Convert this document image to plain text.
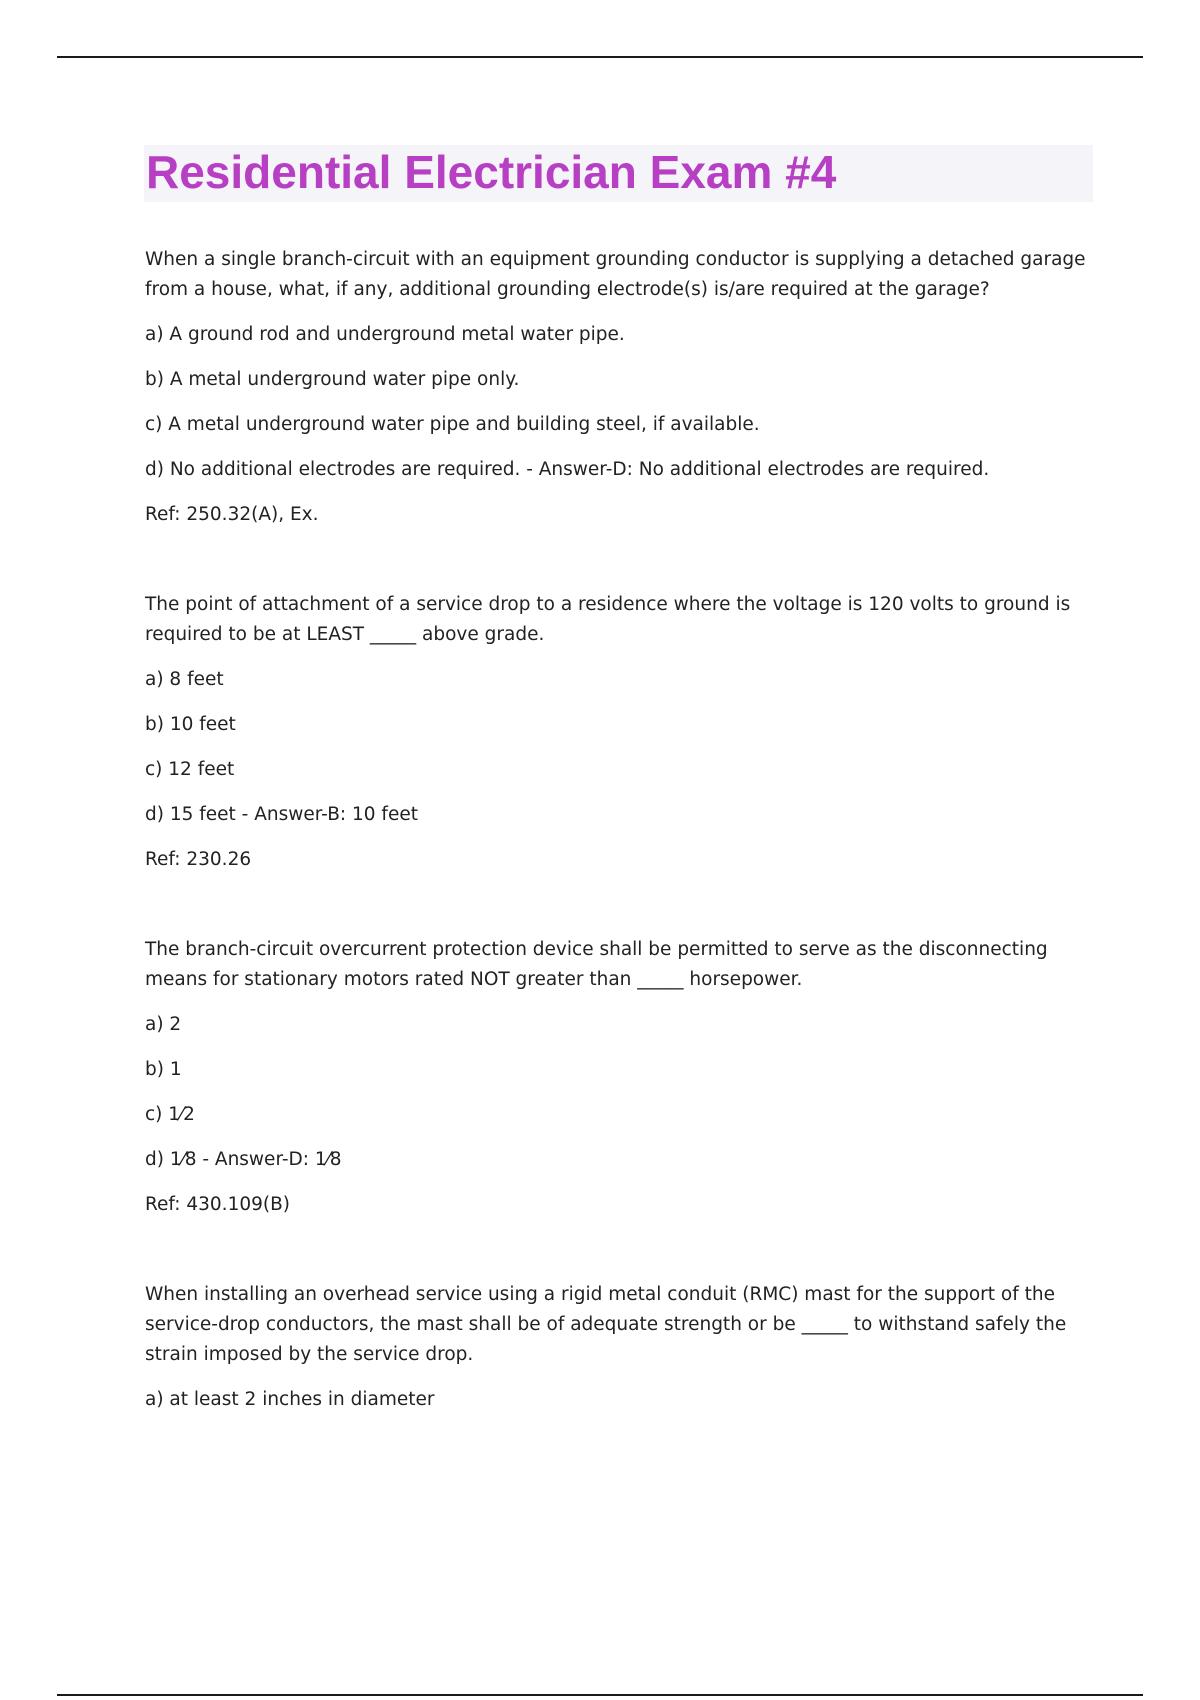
Residential Electrician Exam #4

When a single branch-circuit with an equipment grounding conductor is supplying a detached garage from a house, what, if any, additional grounding electrode(s) is/are required at the garage?

a) A ground rod and underground metal water pipe.

b) A metal underground water pipe only.

c) A metal underground water pipe and building steel, if available.

d) No additional electrodes are required. - Answer-D: No additional electrodes are required.

Ref: 250.32(A), Ex.

The point of attachment of a service drop to a residence where the voltage is 120 volts to ground is required to be at LEAST _____ above grade.

a) 8 feet

b) 10 feet

c) 12 feet

d) 15 feet - Answer-B: 10 feet

Ref: 230.26

The branch-circuit overcurrent protection device shall be permitted to serve as the disconnecting means for stationary motors rated NOT greater than _____ horsepower.

a) 2

b) 1

c) 1⁄2

d) 1⁄8 - Answer-D: 1⁄8

Ref: 430.109(B)

When installing an overhead service using a rigid metal conduit (RMC) mast for the support of the service-drop conductors, the mast shall be of adequate strength or be _____ to withstand safely the strain imposed by the service drop.

a) at least 2 inches in diameter
